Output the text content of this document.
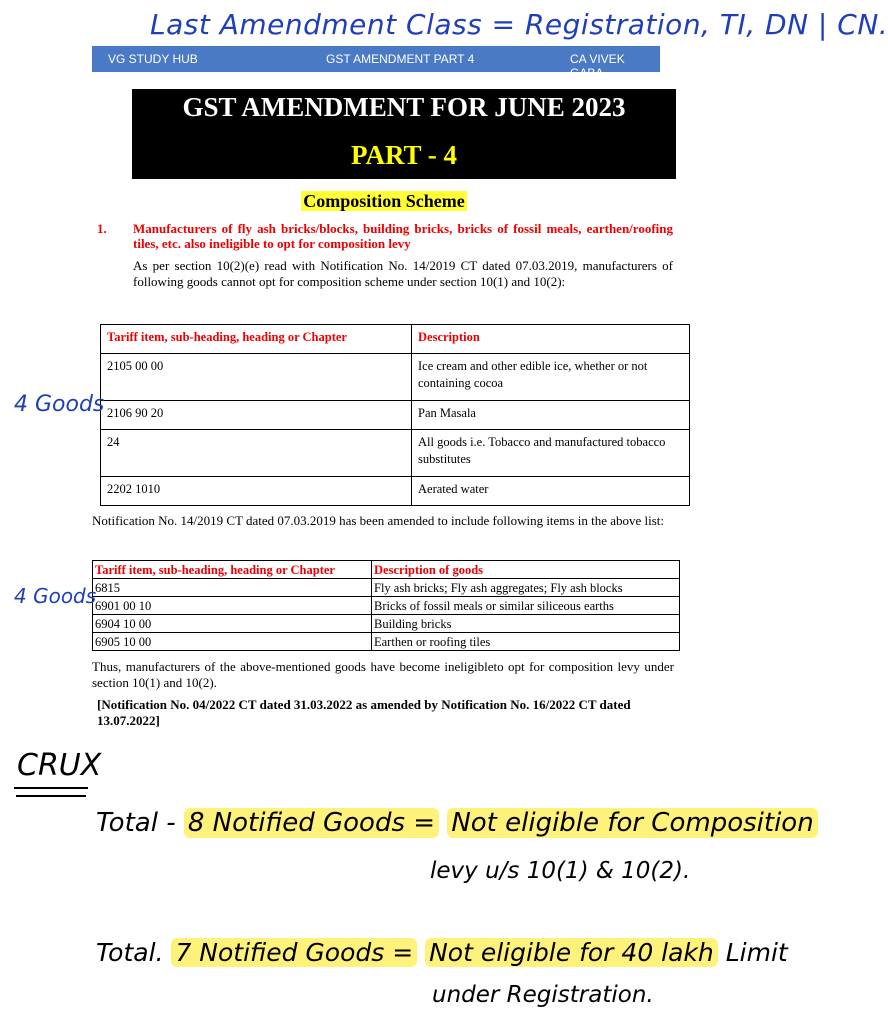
Last Amendment Class = Registration, TI, DN | CN.
VG STUDY HUB	GST AMENDMENT PART 4	CA VIVEK GABA
GST AMENDMENT FOR JUNE 2023
PART - 4
Composition Scheme
1. Manufacturers of fly ash bricks/blocks, building bricks, bricks of fossil meals, earthen/roofing tiles, etc. also ineligible to opt for composition levy
As per section 10(2)(e) read with Notification No. 14/2019 CT dated 07.03.2019, manufacturers of following goods cannot opt for composition scheme under section 10(1) and 10(2):
Tariff item, sub-heading, heading or Chapter	Description
2105 00 00	Ice cream and other edible ice, whether or not containing cocoa
2106 90 20	Pan Masala
24	All goods i.e. Tobacco and manufactured tobacco substitutes
2202 1010	Aerated water
Notification No. 14/2019 CT dated 07.03.2019 has been amended to include following items in the above list:
Tariff item, sub-heading, heading or Chapter	Description of goods
6815	Fly ash bricks; Fly ash aggregates; Fly ash blocks
6901 00 10	Bricks of fossil meals or similar siliceous earths
6904 10 00	Building bricks
6905 10 00	Earthen or roofing tiles
Thus, manufacturers of the above-mentioned goods have become ineligibleto opt for composition levy under section 10(1) and 10(2).
[Notification No. 04/2022 CT dated 31.03.2022 as amended by Notification No. 16/2022 CT dated 13.07.2022]
4 Goods
4 Goods
CRUX
Total - 8 Notified Goods = Not eligible for Composition
levy u/s 10(1) & 10(2).
Total. 7 Notified Goods = Not eligible for 40 lakh Limit
under Registration.
